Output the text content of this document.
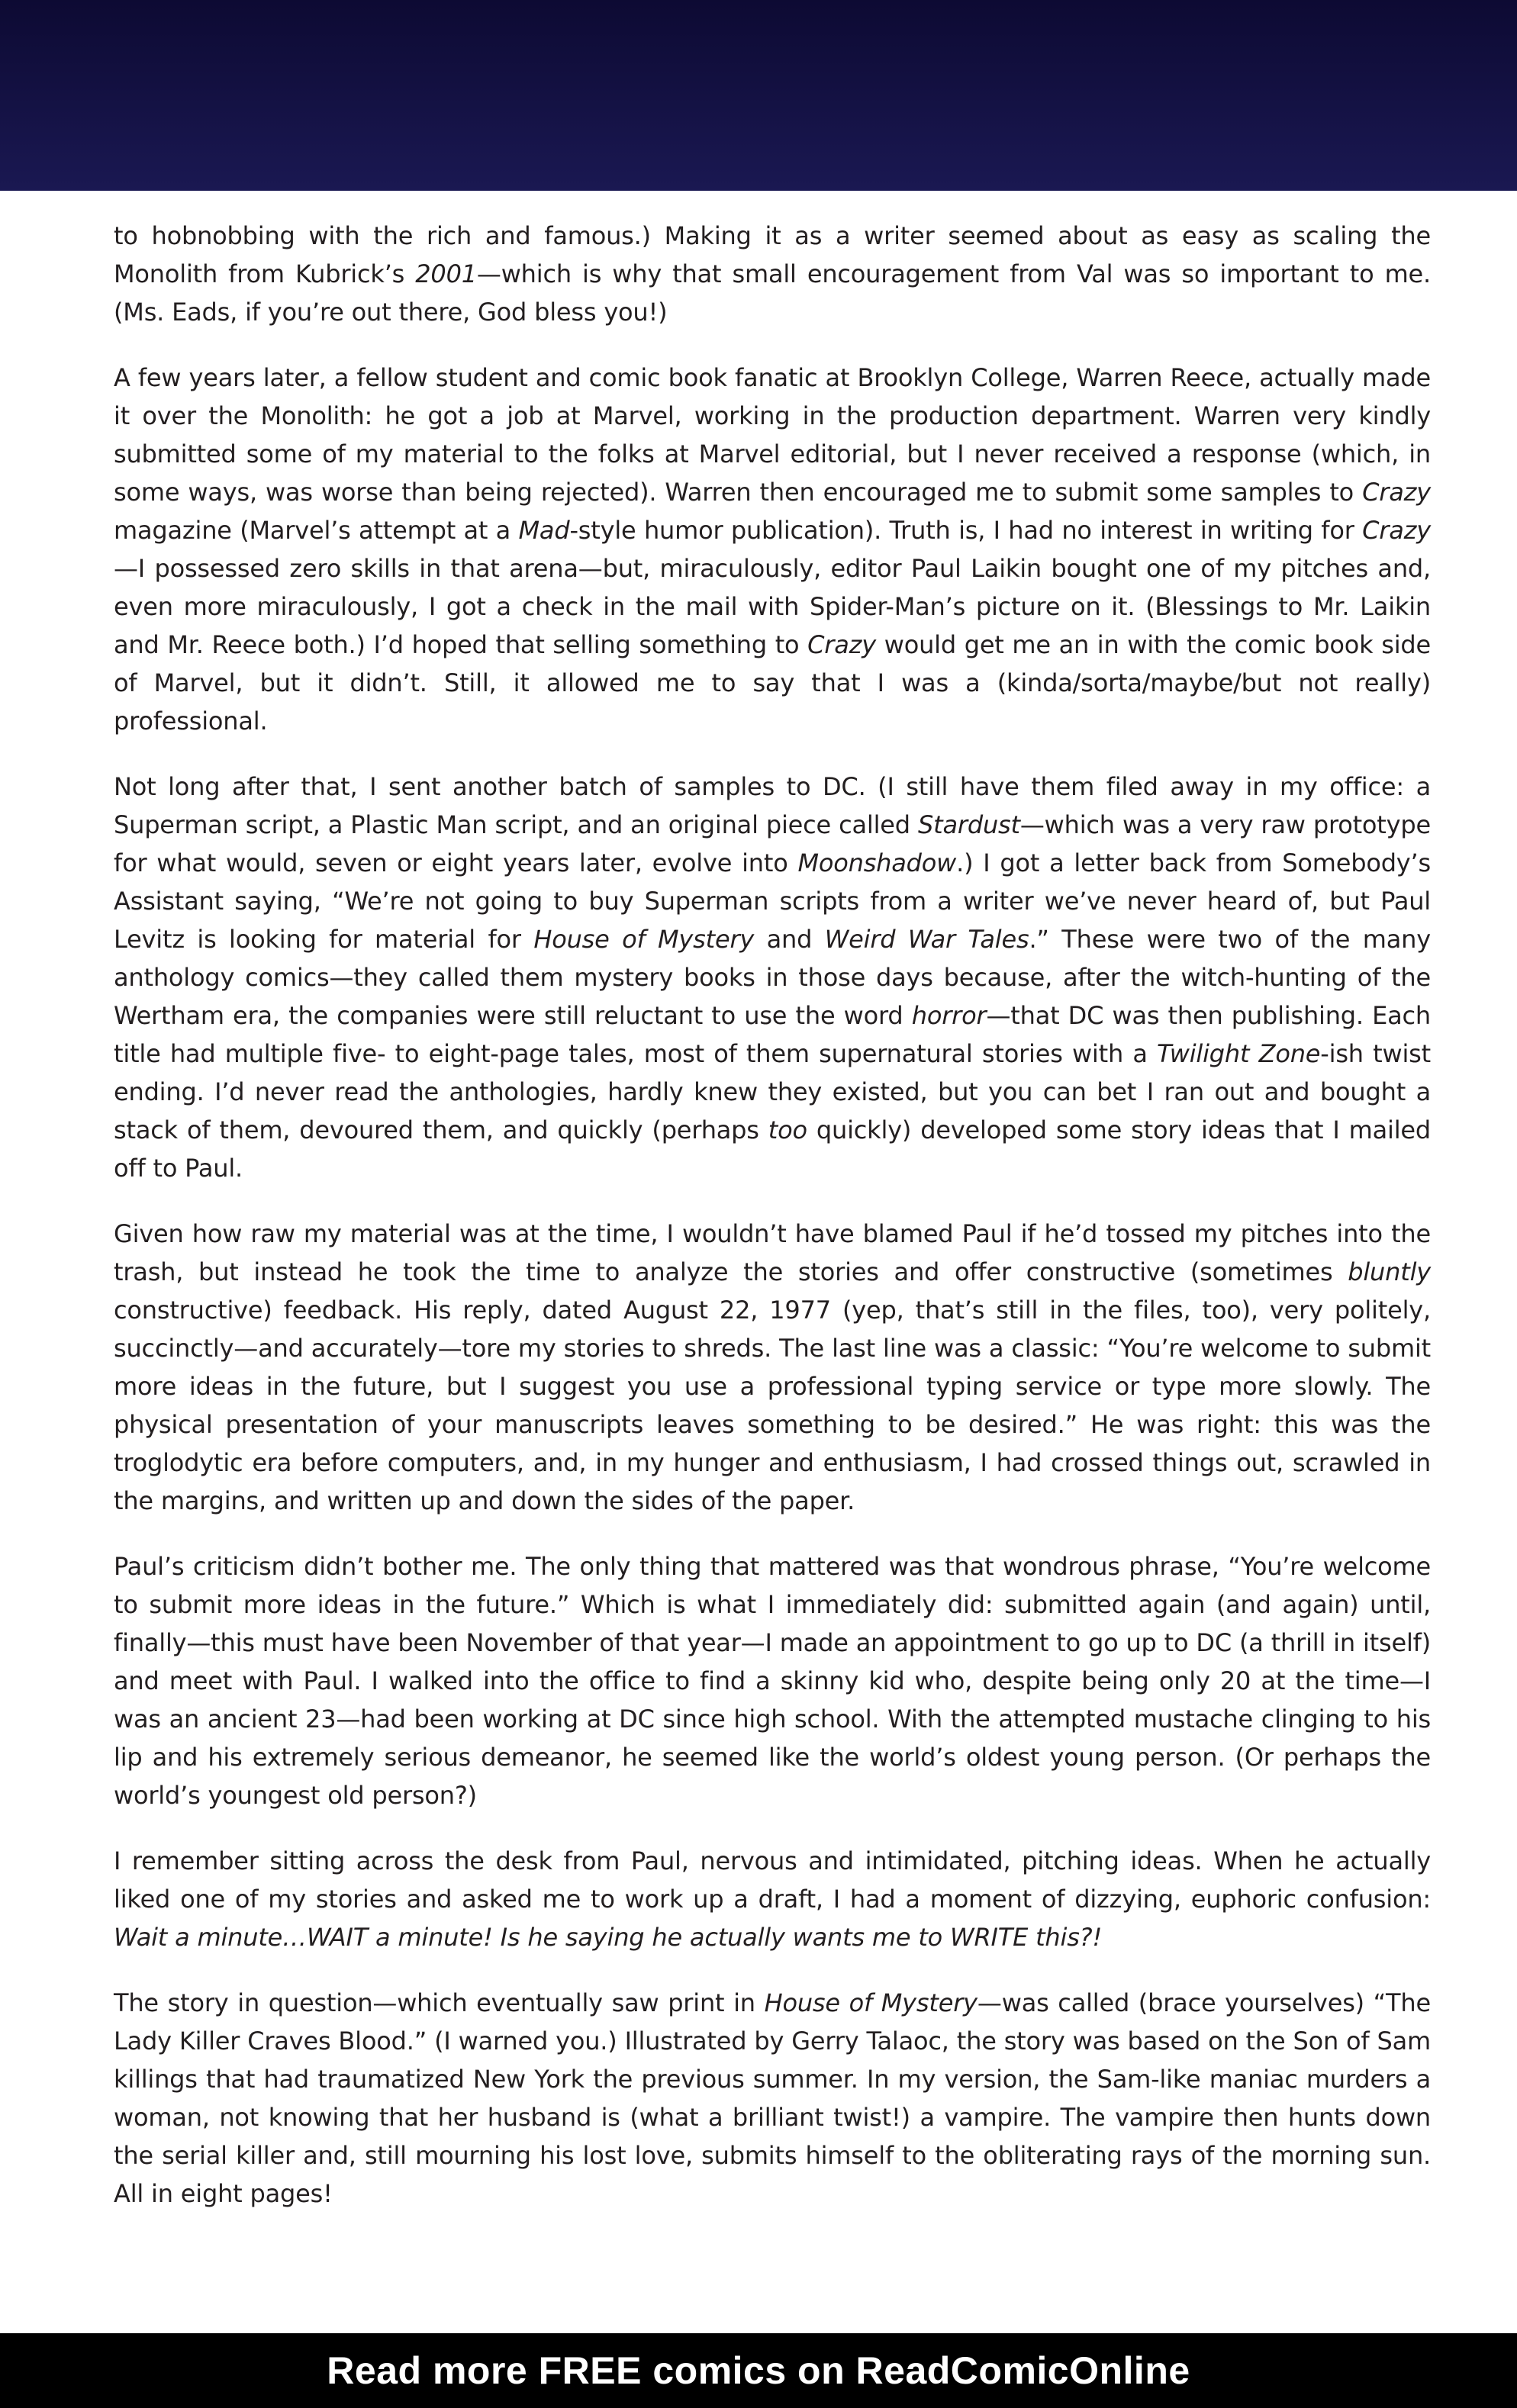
to hobnobbing with the rich and famous.) Making it as a writer seemed about as easy as scaling the Monolith from Kubrick’s 2001—which is why that small encouragement from Val was so important to me. (Ms. Eads, if you’re out there, God bless you!)

A few years later, a fellow student and comic book fanatic at Brooklyn College, Warren Reece, actually made it over the Monolith: he got a job at Marvel, working in the production department. Warren very kindly submitted some of my material to the folks at Marvel editorial, but I never received a response (which, in some ways, was worse than being rejected). Warren then encouraged me to submit some samples to Crazy magazine (Marvel’s attempt at a Mad-style humor publication). Truth is, I had no interest in writing for Crazy—I possessed zero skills in that arena—but, miraculously, editor Paul Laikin bought one of my pitches and, even more miraculously, I got a check in the mail with Spider-Man’s picture on it. (Blessings to Mr. Laikin and Mr. Reece both.) I’d hoped that selling something to Crazy would get me an in with the comic book side of Marvel, but it didn’t. Still, it allowed me to say that I was a (kinda/sorta/maybe/but not really) professional.

Not long after that, I sent another batch of samples to DC. (I still have them filed away in my office: a Superman script, a Plastic Man script, and an original piece called Stardust—which was a very raw prototype for what would, seven or eight years later, evolve into Moonshadow.) I got a letter back from Somebody’s Assistant saying, “We’re not going to buy Superman scripts from a writer we’ve never heard of, but Paul Levitz is looking for material for House of Mystery and Weird War Tales.” These were two of the many anthology comics—they called them mystery books in those days because, after the witch-hunting of the Wertham era, the companies were still reluctant to use the word horror—that DC was then publishing. Each title had multiple five- to eight-page tales, most of them supernatural stories with a Twilight Zone-ish twist ending. I’d never read the anthologies, hardly knew they existed, but you can bet I ran out and bought a stack of them, devoured them, and quickly (perhaps too quickly) developed some story ideas that I mailed off to Paul.

Given how raw my material was at the time, I wouldn’t have blamed Paul if he’d tossed my pitches into the trash, but instead he took the time to analyze the stories and offer constructive (sometimes bluntly constructive) feedback. His reply, dated August 22, 1977 (yep, that’s still in the files, too), very politely, succinctly—and accurately—tore my stories to shreds. The last line was a classic: “You’re welcome to submit more ideas in the future, but I suggest you use a professional typing service or type more slowly. The physical presentation of your manuscripts leaves something to be desired.” He was right: this was the troglodytic era before computers, and, in my hunger and enthusiasm, I had crossed things out, scrawled in the margins, and written up and down the sides of the paper.

Paul’s criticism didn’t bother me. The only thing that mattered was that wondrous phrase, “You’re welcome to submit more ideas in the future.” Which is what I immediately did: submitted again (and again) until, finally—this must have been November of that year—I made an appointment to go up to DC (a thrill in itself) and meet with Paul. I walked into the office to find a skinny kid who, despite being only 20 at the time—I was an ancient 23—had been working at DC since high school. With the attempted mustache clinging to his lip and his extremely serious demeanor, he seemed like the world’s oldest young person. (Or perhaps the world’s youngest old person?)

I remember sitting across the desk from Paul, nervous and intimidated, pitching ideas. When he actually liked one of my stories and asked me to work up a draft, I had a moment of dizzying, euphoric confusion: Wait a minute…WAIT a minute! Is he saying he actually wants me to WRITE this?!

The story in question—which eventually saw print in House of Mystery—was called (brace yourselves) “The Lady Killer Craves Blood.” (I warned you.) Illustrated by Gerry Talaoc, the story was based on the Son of Sam killings that had traumatized New York the previous summer. In my version, the Sam-like maniac murders a woman, not knowing that her husband is (what a brilliant twist!) a vampire. The vampire then hunts down the serial killer and, still mourning his lost love, submits himself to the obliterating rays of the morning sun. All in eight pages!

Read more FREE comics on ReadComicOnline
